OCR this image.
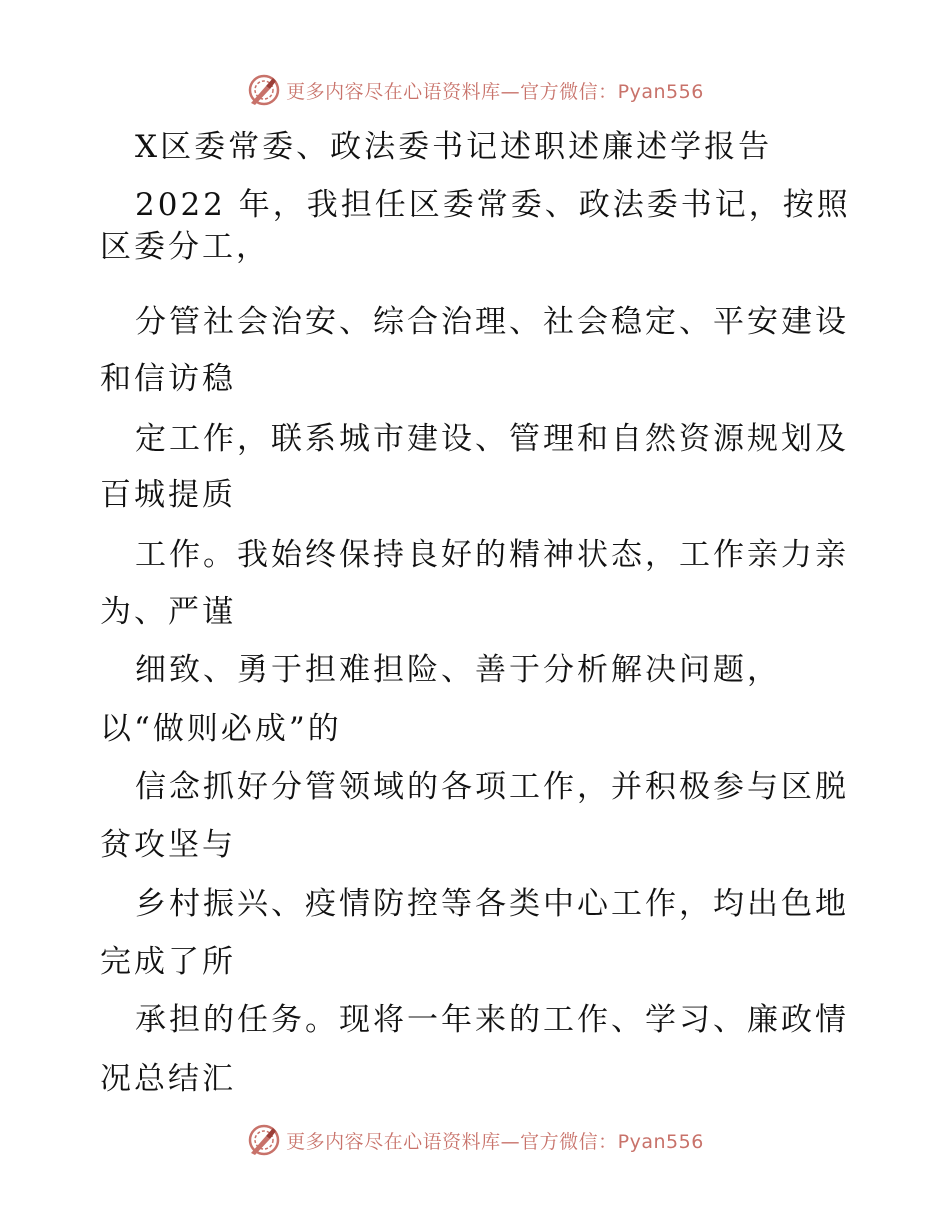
更多内容尽在心语资料库—官方微信：Pyan556
X区委常委、政法委书记述职述廉述学报告
2022 年，我担任区委常委、政法委书记，按照
区委分工，
分管社会治安、综合治理、社会稳定、平安建设
和信访稳
定工作，联系城市建设、管理和自然资源规划及
百城提质
工作。我始终保持良好的精神状态，工作亲力亲
为、严谨
细致、勇于担难担险、善于分析解决问题，
以“做则必成”的
信念抓好分管领域的各项工作，并积极参与区脱
贫攻坚与
乡村振兴、疫情防控等各类中心工作，均出色地
完成了所
承担的任务。现将一年来的工作、学习、廉政情
况总结汇
更多内容尽在心语资料库—官方微信：Pyan556
